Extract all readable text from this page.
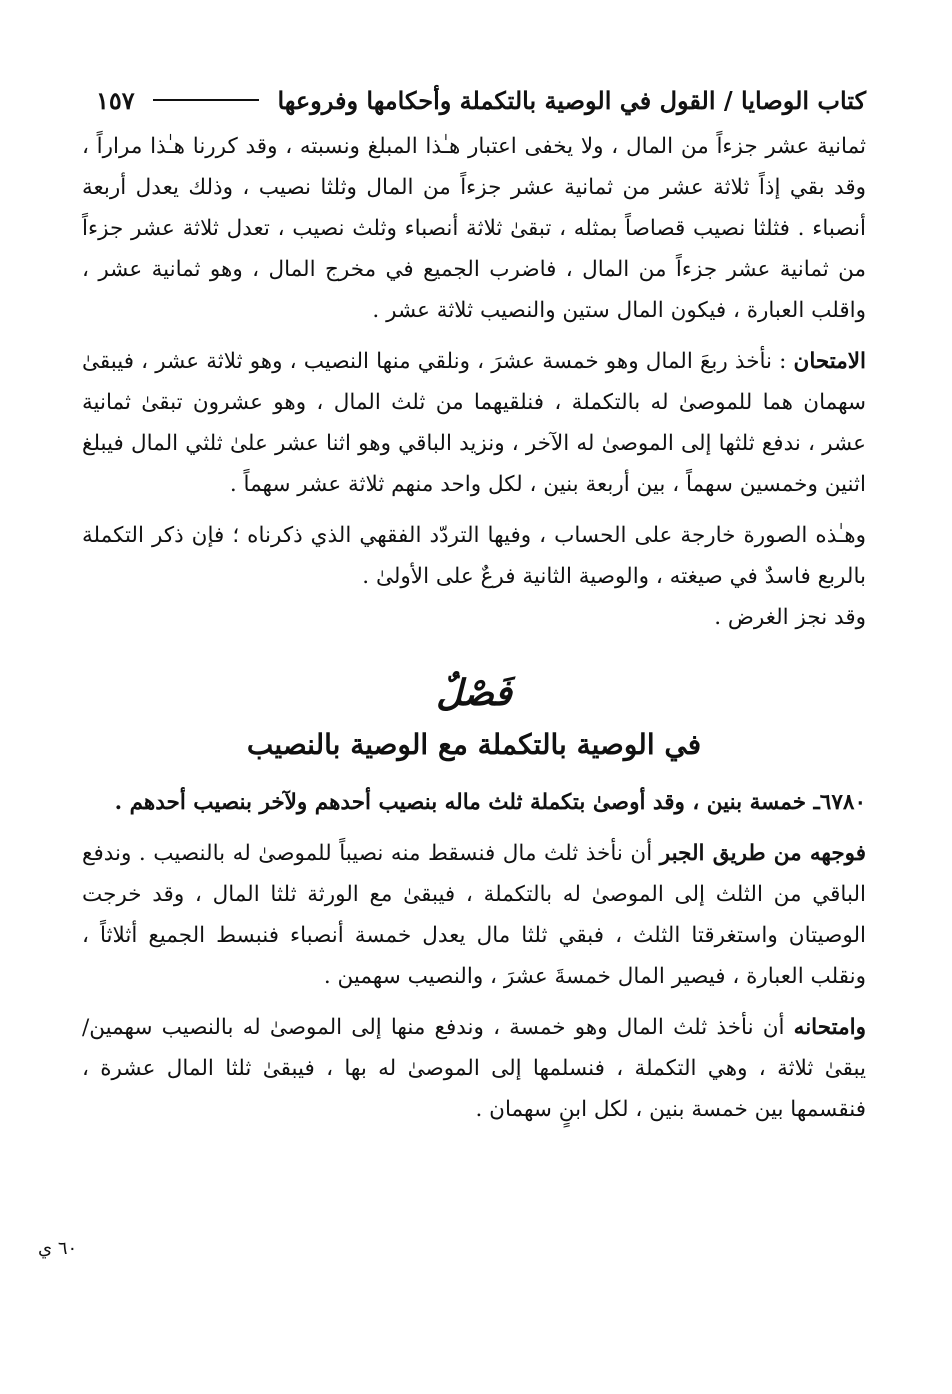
كتاب الوصايا / القول في الوصية بالتكملة وأحكامها وفروعها
١٥٧

ثمانية عشر جزءاً من المال ، ولا يخفى اعتبار هـٰذا المبلغ ونسبته ، وقد كررنا هـٰذا مراراً ، وقد بقي إذاً ثلاثة عشر من ثمانية عشر جزءاً من المال وثلثا نصيب ، وذلك يعدل أربعة أنصباء . فثلثا نصيب قصاصاً بمثله ، تبقىٰ ثلاثة أنصباء وثلث نصيب ، تعدل ثلاثة عشر جزءاً من ثمانية عشر جزءاً من المال ، فاضرب الجميع في مخرج المال ، وهو ثمانية عشر ، واقلب العبارة ، فيكون المال ستين والنصيب ثلاثة عشر .

الامتحان : نأخذ ربعَ المال وهو خمسة عشرَ ، ونلقي منها النصيب ، وهو ثلاثة عشر ، فيبقىٰ سهمان هما للموصىٰ له بالتكملة ، فنلقيهما من ثلث المال ، وهو عشرون تبقىٰ ثمانية عشر ، ندفع ثلثها إلى الموصىٰ له الآخر ، ونزيد الباقي وهو اثنا عشر علىٰ ثلثي المال فيبلغ اثنين وخمسين سهماً ، بين أربعة بنين ، لكل واحد منهم ثلاثة عشر سهماً .

وهـٰذه الصورة خارجة على الحساب ، وفيها التردّد الفقهي الذي ذكرناه ؛ فإن ذكر التكملة بالربع فاسدٌ في صيغته ، والوصية الثانية فرعٌ على الأولىٰ .

وقد نجز الغرض .

فَصْلٌ
في الوصية بالتكملة مع الوصية بالنصيب

٦٧٨٠ـ خمسة بنين ، وقد أوصىٰ بتكملة ثلث ماله بنصيب أحدهم ولآخر بنصيب أحدهم .

فوجهه من طريق الجبر أن نأخذ ثلث مال فنسقط منه نصيباً للموصىٰ له بالنصيب . وندفع الباقي من الثلث إلى الموصىٰ له بالتكملة ، فيبقىٰ مع الورثة ثلثا المال ، وقد خرجت الوصيتان واستغرقتا الثلث ، فبقي ثلثا مال يعدل خمسة أنصباء فنبسط الجميع أثلاثاً ، ونقلب العبارة ، فيصير المال خمسةَ عشرَ ، والنصيب سهمين .

وامتحانه أن نأخذ ثلث المال وهو خمسة ، وندفع منها إلى الموصىٰ له بالنصيب سهمين/ يبقىٰ ثلاثة ، وهي التكملة ، فنسلمها إلى الموصىٰ له بها ، فيبقىٰ ثلثا المال عشرة ، فنقسمها بين خمسة بنين ، لكل ابنٍ سهمان .

٦٠ ي
